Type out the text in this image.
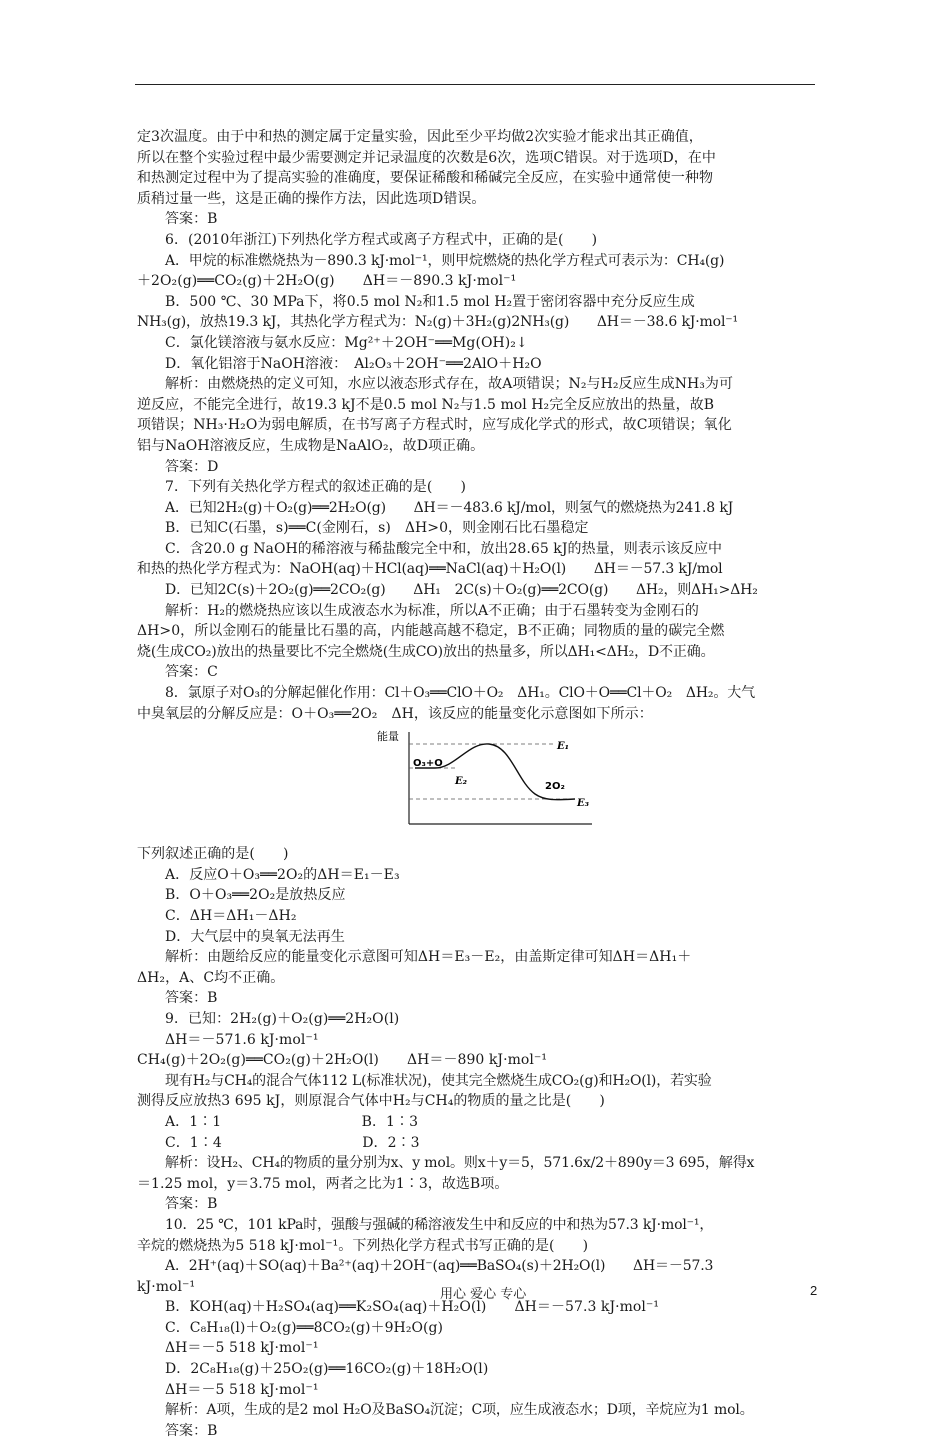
定3次温度。由于中和热的测定属于定量实验，因此至少平均做2次实验才能求出其正确值，
所以在整个实验过程中最少需要测定并记录温度的次数是6次，选项C错误。对于选项D，在中
和热测定过程中为了提高实验的准确度，要保证稀酸和稀碱完全反应，在实验中通常使一种物
质稍过量一些，这是正确的操作方法，因此选项D错误。
答案：B
6．(2010年浙江)下列热化学方程式或离子方程式中，正确的是(　　)
A．甲烷的标准燃烧热为－890.3 kJ·mol⁻¹，则甲烷燃烧的热化学方程式可表示为：CH₄(g)
＋2O₂(g)══CO₂(g)＋2H₂O(g)　　ΔH＝－890.3 kJ·mol⁻¹
B．500 ℃、30 MPa下，将0.5 mol N₂和1.5 mol H₂置于密闭容器中充分反应生成
NH₃(g)，放热19.3 kJ，其热化学方程式为：N₂(g)＋3H₂(g)2NH₃(g)　　ΔH＝－38.6 kJ·mol⁻¹
C．氯化镁溶液与氨水反应：Mg²⁺＋2OH⁻══Mg(OH)₂↓
D．氧化铝溶于NaOH溶液：　Al₂O₃＋2OH⁻══2AlO＋H₂O
解析：由燃烧热的定义可知，水应以液态形式存在，故A项错误；N₂与H₂反应生成NH₃为可
逆反应，不能完全进行，故19.3 kJ不是0.5 mol N₂与1.5 mol H₂完全反应放出的热量，故B
项错误；NH₃·H₂O为弱电解质，在书写离子方程式时，应写成化学式的形式，故C项错误；氧化
铝与NaOH溶液反应，生成物是NaAlO₂，故D项正确。
答案：D
7．下列有关热化学方程式的叙述正确的是(　　)
A．已知2H₂(g)＋O₂(g)══2H₂O(g)　　ΔH＝－483.6 kJ/mol，则氢气的燃烧热为241.8 kJ
B．已知C(石墨，s)══C(金刚石，s)　ΔH>0，则金刚石比石墨稳定
C．含20.0 g NaOH的稀溶液与稀盐酸完全中和，放出28.65 kJ的热量，则表示该反应中
和热的热化学方程式为：NaOH(aq)＋HCl(aq)══NaCl(aq)＋H₂O(l)　　ΔH＝－57.3 kJ/mol
D．已知2C(s)＋2O₂(g)══2CO₂(g)　　ΔH₁　2C(s)＋O₂(g)══2CO(g)　　ΔH₂，则ΔH₁>ΔH₂
解析：H₂的燃烧热应该以生成液态水为标准，所以A不正确；由于石墨转变为金刚石的
ΔH>0，所以金刚石的能量比石墨的高，内能越高越不稳定，B不正确；同物质的量的碳完全燃
烧(生成CO₂)放出的热量要比不完全燃烧(生成CO)放出的热量多，所以ΔH₁<ΔH₂，D不正确。
答案：C
8．氯原子对O₃的分解起催化作用：Cl＋O₃══ClO＋O₂　ΔH₁。ClO＋O══Cl＋O₂　ΔH₂。大气
中臭氧层的分解反应是：O＋O₃══2O₂　ΔH，该反应的能量变化示意图如下所示：
能量
O₃+O
E₁
E₂	2O₂
E₃
下列叙述正确的是(　　)
A．反应O＋O₃══2O₂的ΔH＝E₁－E₃
B．O＋O₃══2O₂是放热反应
C．ΔH＝ΔH₁－ΔH₂
D．大气层中的臭氧无法再生
解析：由题给反应的能量变化示意图可知ΔH＝E₃－E₂，由盖斯定律可知ΔH＝ΔH₁＋
ΔH₂，A、C均不正确。
答案：B
9．已知：2H₂(g)＋O₂(g)══2H₂O(l)
ΔH＝－571.6 kJ·mol⁻¹
CH₄(g)＋2O₂(g)══CO₂(g)＋2H₂O(l)　　ΔH＝－890 kJ·mol⁻¹
现有H₂与CH₄的混合气体112 L(标准状况)，使其完全燃烧生成CO₂(g)和H₂O(l)，若实验
测得反应放热3 695 kJ，则原混合气体中H₂与CH₄的物质的量之比是(　　)
A．1∶1　　　　　　　　　　B．1∶3
C．1∶4　　　　　　　　　　D．2∶3
解析：设H₂、CH₄的物质的量分别为x、y mol。则x＋y＝5，571.6x/2＋890y＝3 695，解得x
＝1.25 mol，y＝3.75 mol，两者之比为1∶3，故选B项。
答案：B
10．25 ℃，101 kPa时，强酸与强碱的稀溶液发生中和反应的中和热为57.3 kJ·mol⁻¹，
辛烷的燃烧热为5 518 kJ·mol⁻¹。下列热化学方程式书写正确的是(　　)
A．2H⁺(aq)＋SO(aq)＋Ba²⁺(aq)＋2OH⁻(aq)══BaSO₄(s)＋2H₂O(l)　　ΔH＝－57.3
kJ·mol⁻¹
B．KOH(aq)＋H₂SO₄(aq)══K₂SO₄(aq)＋H₂O(l)　　ΔH＝－57.3 kJ·mol⁻¹
C．C₈H₁₈(l)＋O₂(g)══8CO₂(g)＋9H₂O(g)
ΔH＝－5 518 kJ·mol⁻¹
D．2C₈H₁₈(g)＋25O₂(g)══16CO₂(g)＋18H₂O(l)
ΔH＝－5 518 kJ·mol⁻¹
解析：A项，生成的是2 mol H₂O及BaSO₄沉淀；C项，应生成液态水；D项，辛烷应为1 mol。
答案：B
用心 爱心 专心	2
